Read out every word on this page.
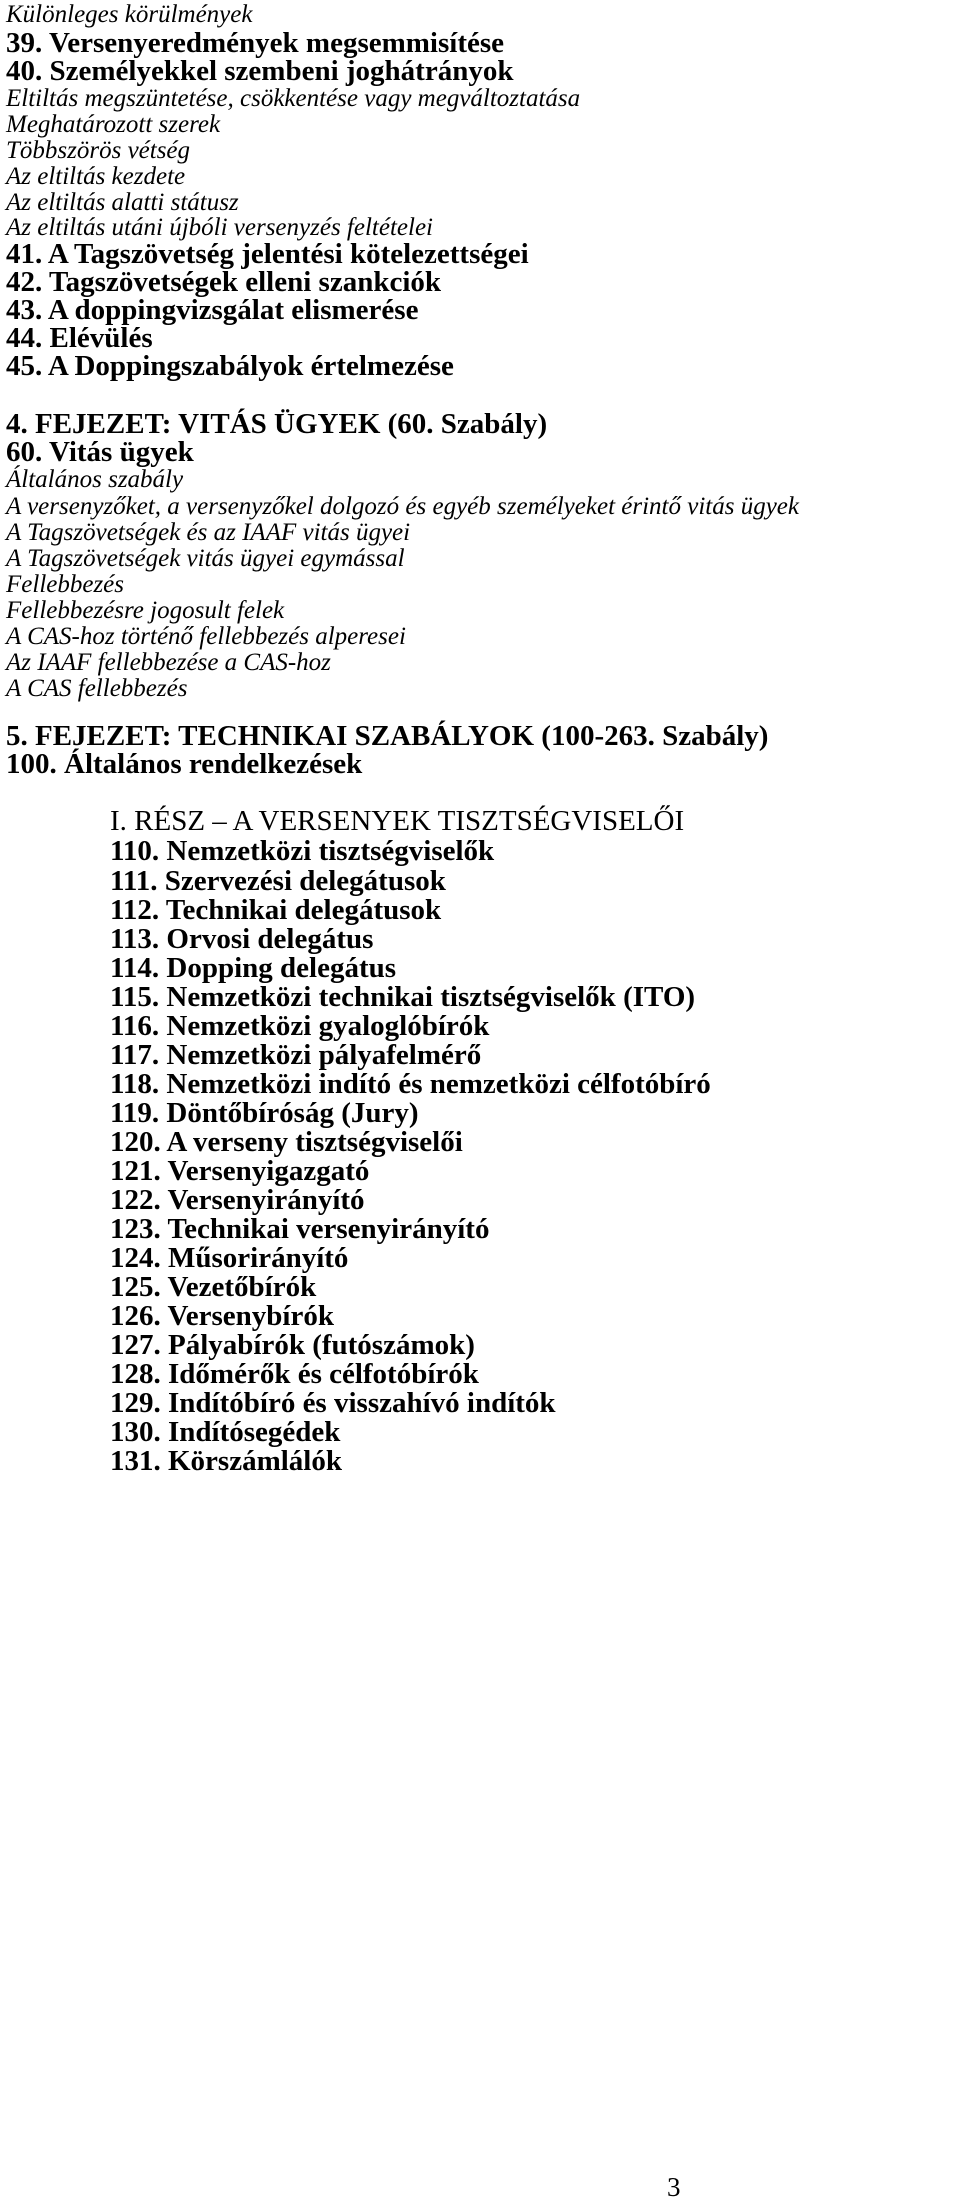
Különleges körülmények
39. Versenyeredmények megsemmisítése
40. Személyekkel szembeni joghátrányok
Eltiltás megszüntetése, csökkentése vagy megváltoztatása
Meghatározott szerek
Többszörös vétség
Az eltiltás kezdete
Az eltiltás alatti státusz
Az eltiltás utáni újbóli versenyzés feltételei
41. A Tagszövetség jelentési kötelezettségei
42. Tagszövetségek elleni szankciók
43. A doppingvizsgálat elismerése
44. Elévülés
45. A Doppingszabályok értelmezése
4. FEJEZET: VITÁS ÜGYEK (60. Szabály)
60. Vitás ügyek
Általános szabály
A versenyzőket, a versenyzőkel dolgozó és egyéb személyeket érintő vitás ügyek
A Tagszövetségek és az IAAF vitás ügyei
A Tagszövetségek vitás ügyei egymással
Fellebbezés
Fellebbezésre jogosult felek
A CAS-hoz történő fellebbezés alperesei
Az IAAF fellebbezése a CAS-hoz
A CAS fellebbezés
5. FEJEZET: TECHNIKAI SZABÁLYOK (100-263. Szabály)
100. Általános rendelkezések
I. RÉSZ – A VERSENYEK TISZTSÉGVISELŐI
110. Nemzetközi tisztségviselők
111. Szervezési delegátusok
112. Technikai delegátusok
113. Orvosi delegátus
114. Dopping delegátus
115. Nemzetközi technikai tisztségviselők (ITO)
116. Nemzetközi gyaloglóbírók
117. Nemzetközi pályafelmérő
118. Nemzetközi indító és nemzetközi célfotóbíró
119. Döntőbíróság (Jury)
120. A verseny tisztségviselői
121. Versenyigazgató
122. Versenyirányító
123. Technikai versenyirányító
124. Műsorirányító
125. Vezetőbírók
126. Versenybírók
127. Pályabírók (futószámok)
128. Időmérők és célfotóbírók
129. Indítóbíró és visszahívó indítók
130. Indítósegédek
131. Körszámlálók
3
